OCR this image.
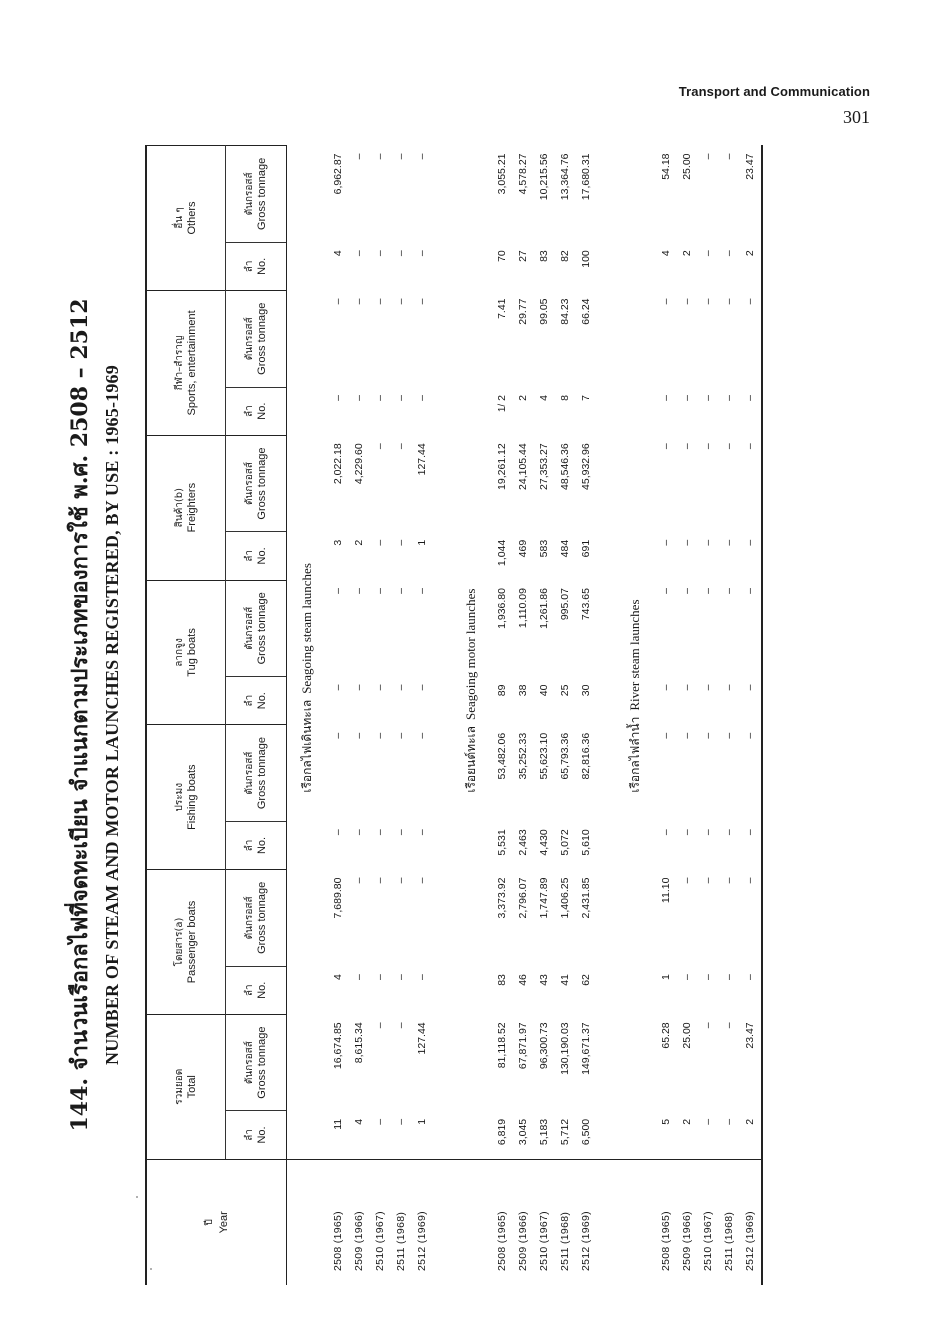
Transport and Communication
301
144. จำนวนเรือกลไฟที่จดทะเบียน จำแนกตามประเภทของการใช้ พ.ศ. 2508 – 2512 NUMBER OF STEAM AND MOTOR LAUNCHES REGISTERED, BY USE : 1965-1969
ปี Year	รวมยอด Total		โดยสาร(a) Passenger boats		ประมง Fishing boats		ลากจูง Tug boats		สินค้า(b) Freighters		กีฬา–สำราญ Sports, entertainment		อื่น ๆ Others	

	ลำ No.	ตันกรอสส์ Gross tonnage	ลำ No.	ตันกรอสส์ Gross tonnage	ลำ No.	ตันกรอสส์ Gross tonnage	ลำ No.	ตันกรอสส์ Gross tonnage	ลำ No.	ตันกรอสส์ Gross tonnage	ลำ No.	ตันกรอสส์ Gross tonnage	ลำ No.	ตันกรอสส์ Gross tonnage

	เรือกลไฟเดินทะเลSeagoing steam launches													
2508 (1965)	11	16,674.85	4	7,689.80	–	–	–	–	3	2,022.18	–	–	4	6,962.87
2509 (1966)	4	8,615.34	–	–	–	–	–	–	2	4,229.60	–	–	–	–
2510 (1967)	–	–	–	–	–	–	–	–	–	–	–	–	–	–
2511 (1968)	–	–	–	–	–	–	–	–	–	–	–	–	–	–
2512 (1969)	1	127.44	–	–	–	–	–	–	1	127.44	–	–	–	–

	เรือยนต์ทะเลSeagoing motor launches													
2508 (1965)	6,819	81,118.52	83	3,373.92	5,531	53,482.06	89	1,936.80	1,044	19,261.12	1/ 2	7.41	70	3,055.21
2509 (1966)	3,045	67,871.97	46	2,796.07	2,463	35,252.33	38	1,110.09	469	24,105.44	2	29.77	27	4,578.27
2510 (1967)	5,183	96,300.73	43	1,747.89	4,430	55,623.10	40	1,261.86	583	27,353.27	4	99.05	83	10,215.56
2511 (1968)	5,712	130,190.03	41	1,406.25	5,072	65,793.36	25	995.07	484	48,546.36	8	84.23	82	13,364.76
2512 (1969)	6,500	149,671.37	62	2,431.85	5,610	82,816.36	30	743.65	691	45,932.96	7	66.24	100	17,680.31

	เรือกลไฟลำน้ำRiver steam launches													
2508 (1965)	5	65.28	1	11.10	–	–	–	–	–	–	–	–	4	54.18
2509 (1966)	2	25.00	–	–	–	–	–	–	–	–	–	–	2	25.00
2510 (1967)	–	–	–	–	–	–	–	–	–	–	–	–	–	–
2511 (1968)	–	–	–	–	–	–	–	–	–	–	–	–	–	–
2512 (1969)	2	23.47	–	–	–	–	–	–	–	–	–	–	2	23.47
